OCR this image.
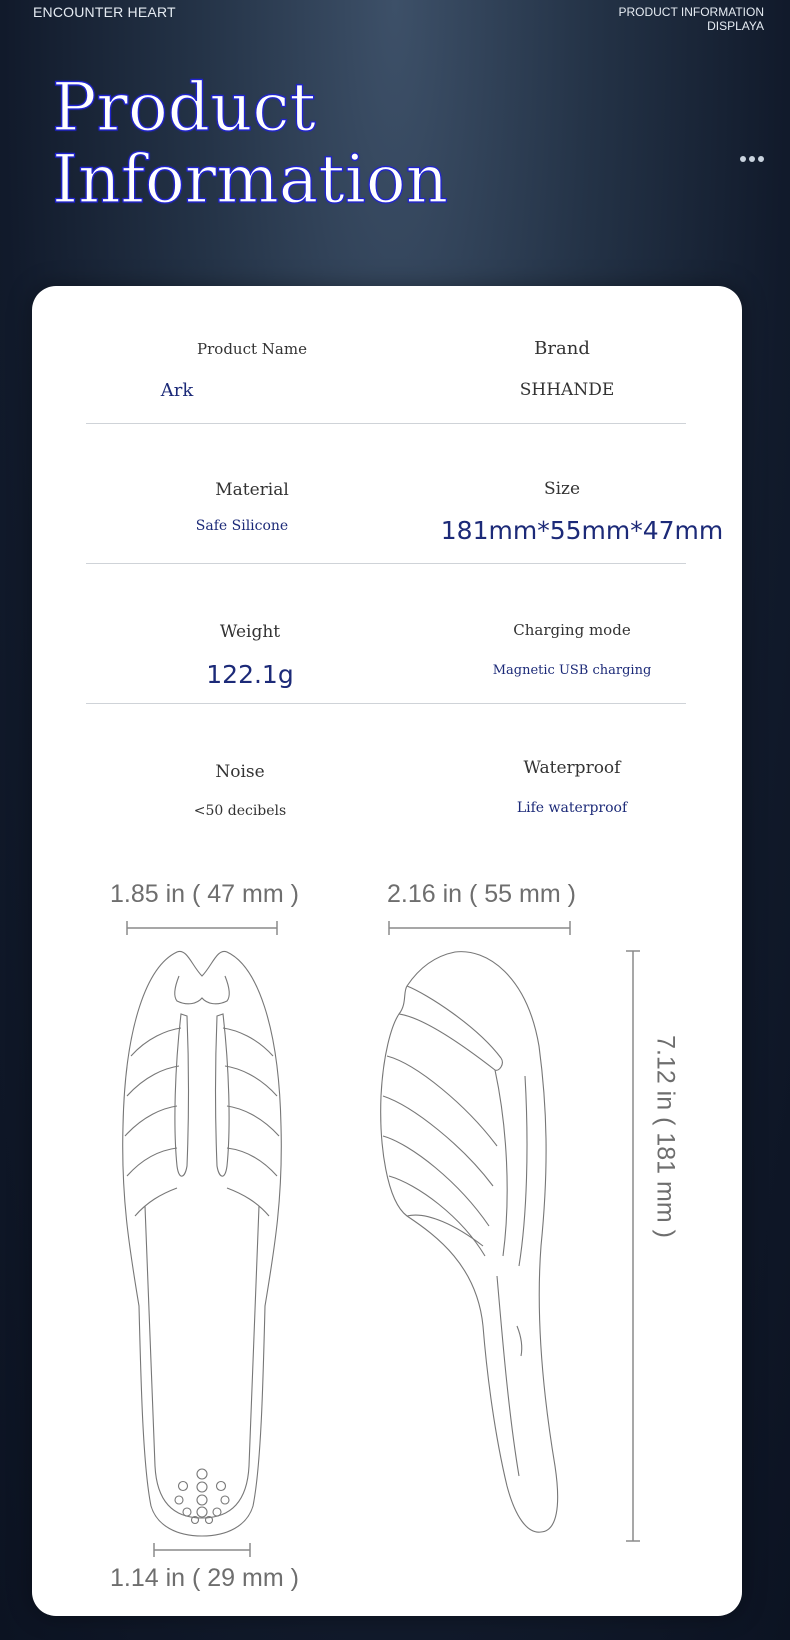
ENCOUNTER HEART	PRODUCT INFORMATION
DISPLAYA
Product
Information
Product Name
Ark
Brand
SHHANDE
Material
Safe Silicone
Size
181mm*55mm*47mm
Weight
122.1g
Charging mode
Magnetic USB charging
Noise
<50 decibels
Waterproof
Life waterproof
1.85 in ( 47 mm )	2.16 in ( 55 mm )
1.14 in ( 29 mm )
7.12 in ( 181 mm )
